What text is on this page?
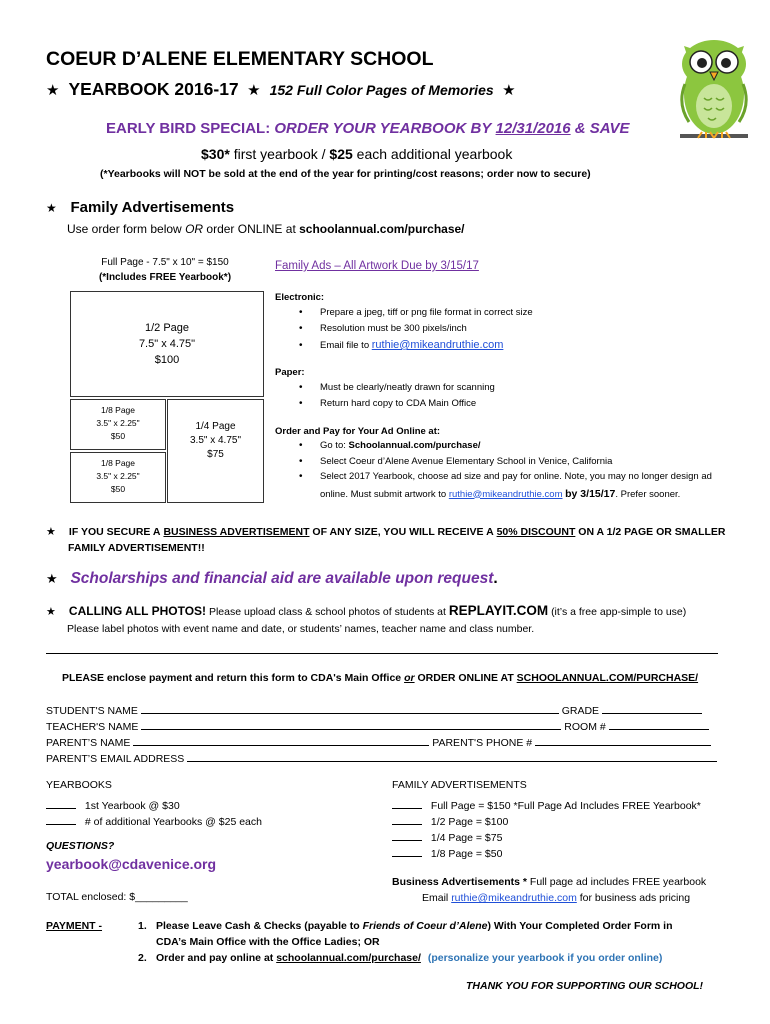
COEUR D’ALENE ELEMENTARY SCHOOL
★ YEARBOOK 2016-17 ★ 152 Full Color Pages of Memories ★
EARLY BIRD SPECIAL: ORDER YOUR YEARBOOK BY 12/31/2016 & SAVE
$30* first yearbook / $25 each additional yearbook
(*Yearbooks will NOT be sold at the end of the year for printing/cost reasons; order now to secure)
★ Family Advertisements
Use order form below OR order ONLINE at schoolannual.com/purchase/
Full Page - 7.5" x 10" = $150
(*Includes FREE Yearbook*)
1/2 Page
7.5" x 4.75"
$100
1/8 Page
3.5" x 2.25"
$50
1/8 Page
3.5" x 2.25"
$50
1/4 Page
3.5" x 4.75"
$75
Family Ads – All Artwork Due by 3/15/17
Electronic:
• Prepare a jpeg, tiff or png file format in correct size
• Resolution must be 300 pixels/inch
• Email file to ruthie@mikeandruthie.com
Paper:
• Must be clearly/neatly drawn for scanning
• Return hard copy to CDA Main Office
Order and Pay for Your Ad Online at:
• Go to: Schoolannual.com/purchase/
• Select Coeur d’Alene Avenue Elementary School in Venice, California
• Select 2017 Yearbook, choose ad size and pay for online. Note, you may no longer design ad
online. Must submit artwork to ruthie@mikeandruthie.com by 3/15/17. Prefer sooner.
★ IF YOU SECURE A BUSINESS ADVERTISEMENT OF ANY SIZE, YOU WILL RECEIVE A 50% DISCOUNT ON A 1/2 PAGE OR SMALLER
FAMILY ADVERTISEMENT!!
★ Scholarships and financial aid are available upon request.
★ CALLING ALL PHOTOS! Please upload class & school photos of students at REPLAYIT.COM (it’s a free app-simple to use)
Please label photos with event name and date, or students’ names, teacher name and class number.
PLEASE enclose payment and return this form to CDA's Main Office or ORDER ONLINE AT SCHOOLANNUAL.COM/PURCHASE/
STUDENT'S NAME	GRADE
TEACHER'S NAME	ROOM #
PARENT’S NAME	PARENT'S PHONE #
PARENT’S EMAIL ADDRESS
YEARBOOKS
1st Yearbook @ $30
# of additional Yearbooks @ $25 each
FAMILY ADVERTISEMENTS
Full Page = $150 *Full Page Ad Includes FREE Yearbook*
1/2 Page = $100
1/4 Page = $75
1/8 Page = $50
QUESTIONS?
yearbook@cdavenice.org
Business Advertisements * Full page ad includes FREE yearbook
Email ruthie@mikeandruthie.com for business ads pricing
TOTAL enclosed: $_________
PAYMENT -	1. Please Leave Cash & Checks (payable to Friends of Coeur d’Alene) With Your Completed Order Form in
CDA’s Main Office with the Office Ladies; OR
2. Order and pay online at schoolannual.com/purchase/ (personalize your yearbook if you order online)
THANK YOU FOR SUPPORTING OUR SCHOOL!
